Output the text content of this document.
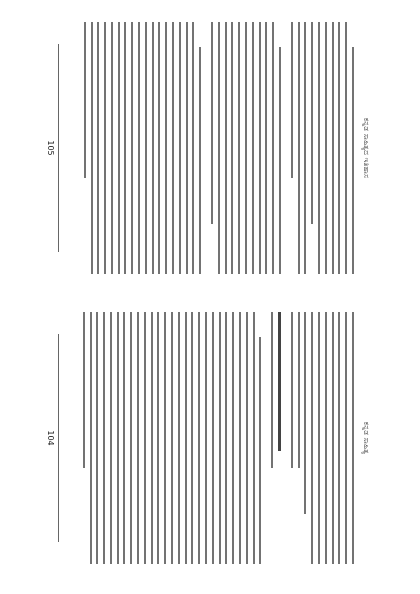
ಕನ್ನಡ ಸಾಹಿತ್ಯದ ಇತಿಹಾಸ
105
ಕನ್ನಡ ಸಾಹಿತ್ಯ
104
